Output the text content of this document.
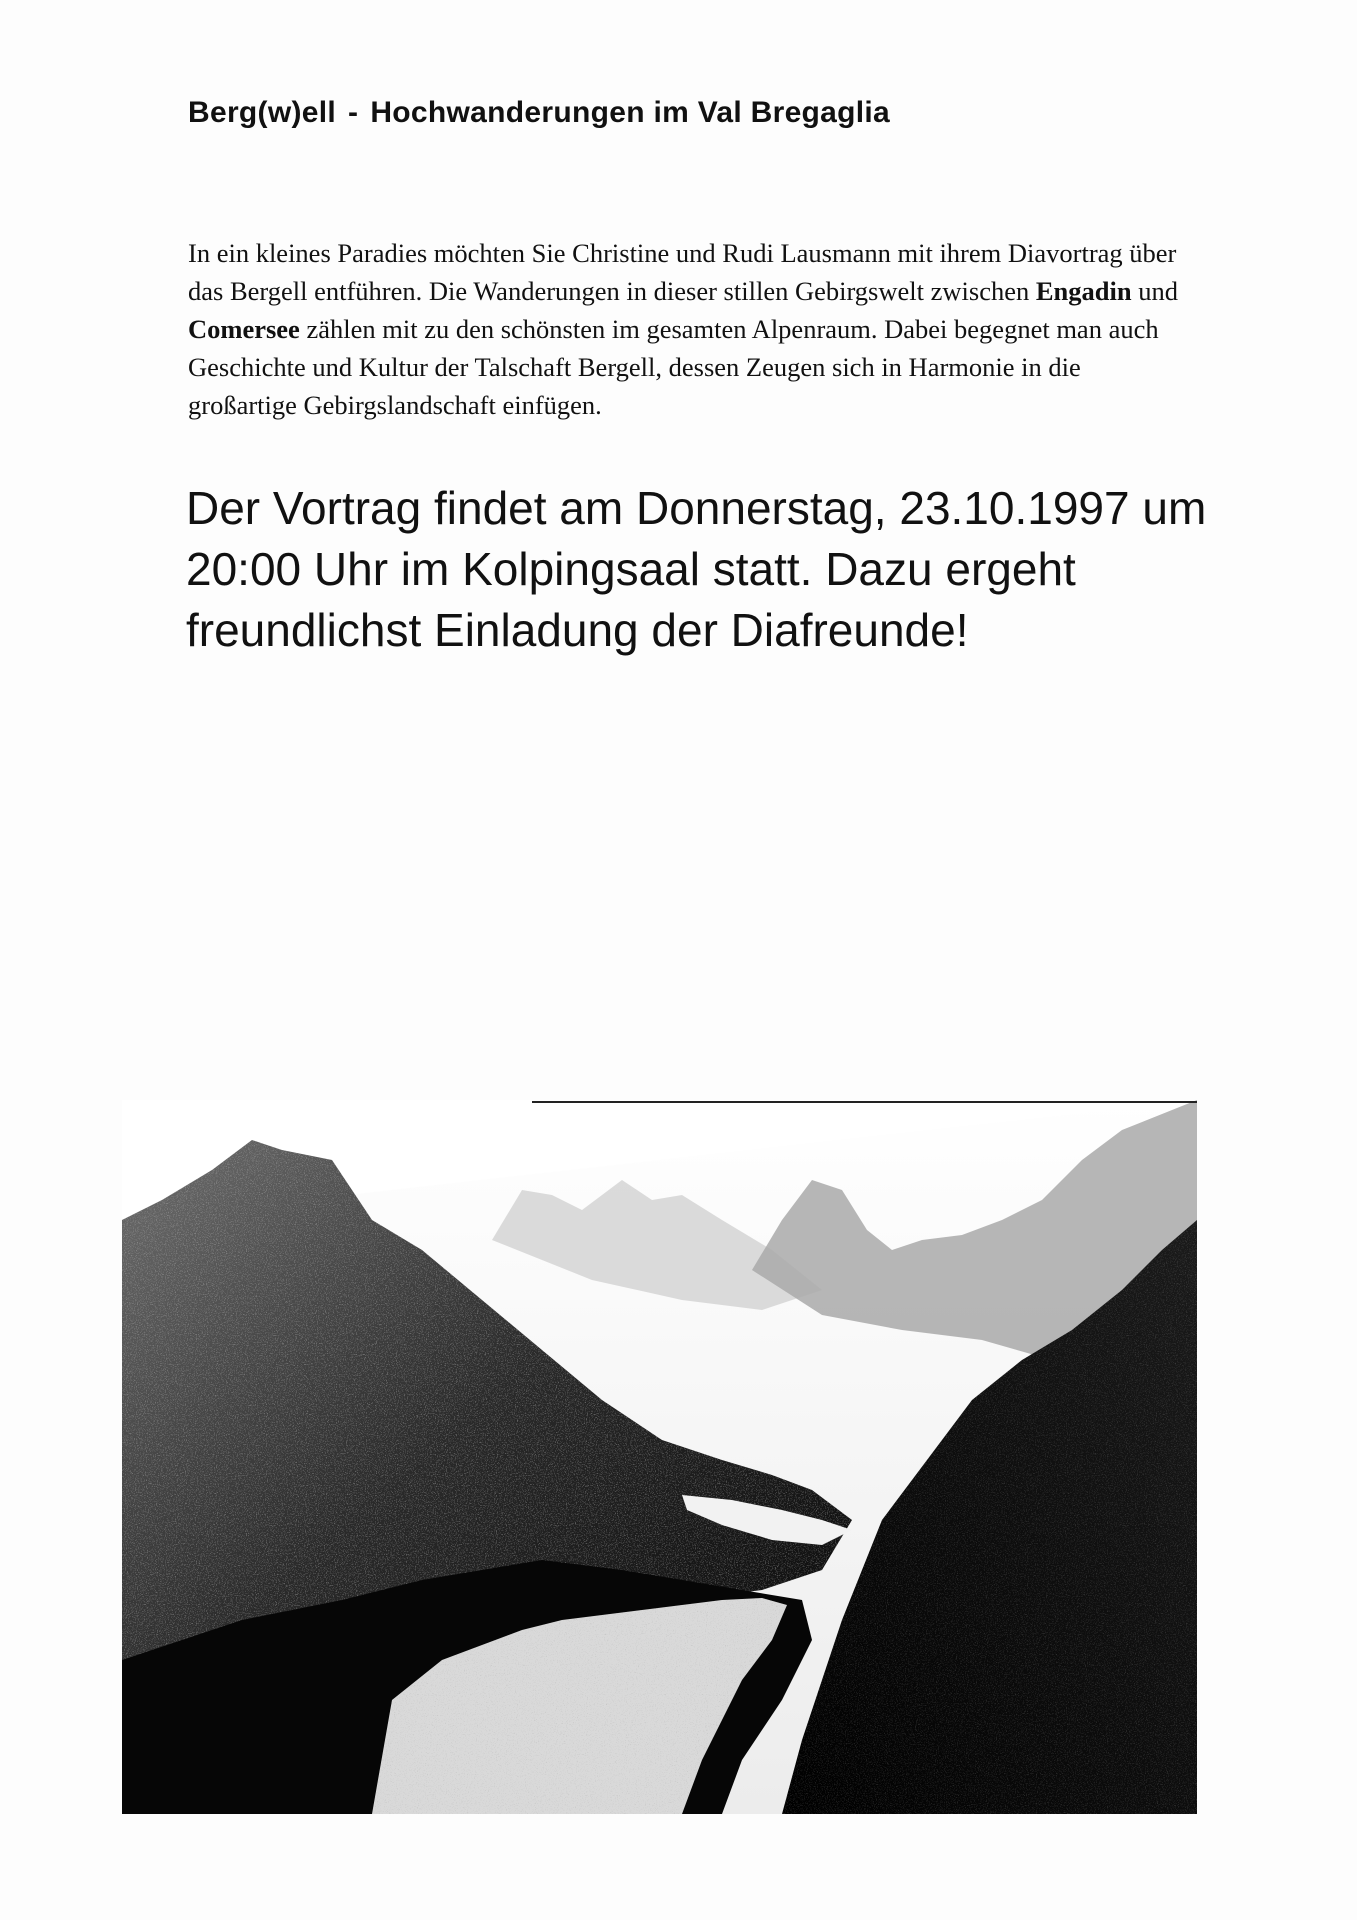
Berg(w)ell - Hochwanderungen im Val Bregaglia

In ein kleines Paradies möchten Sie Christine und Rudi Lausmann mit ihrem Diavortrag über
das Bergell entführen. Die Wanderungen in dieser stillen Gebirgswelt zwischen Engadin und
Comersee zählen mit zu den schönsten im gesamten Alpenraum. Dabei begegnet man auch
Geschichte und Kultur der Talschaft Bergell, dessen Zeugen sich in Harmonie in die
großartige Gebirgslandschaft einfügen.

Der Vortrag findet am Donnerstag, 23.10.1997 um
20:00 Uhr im Kolpingsaal statt. Dazu ergeht
freundlichst Einladung der Diafreunde!
